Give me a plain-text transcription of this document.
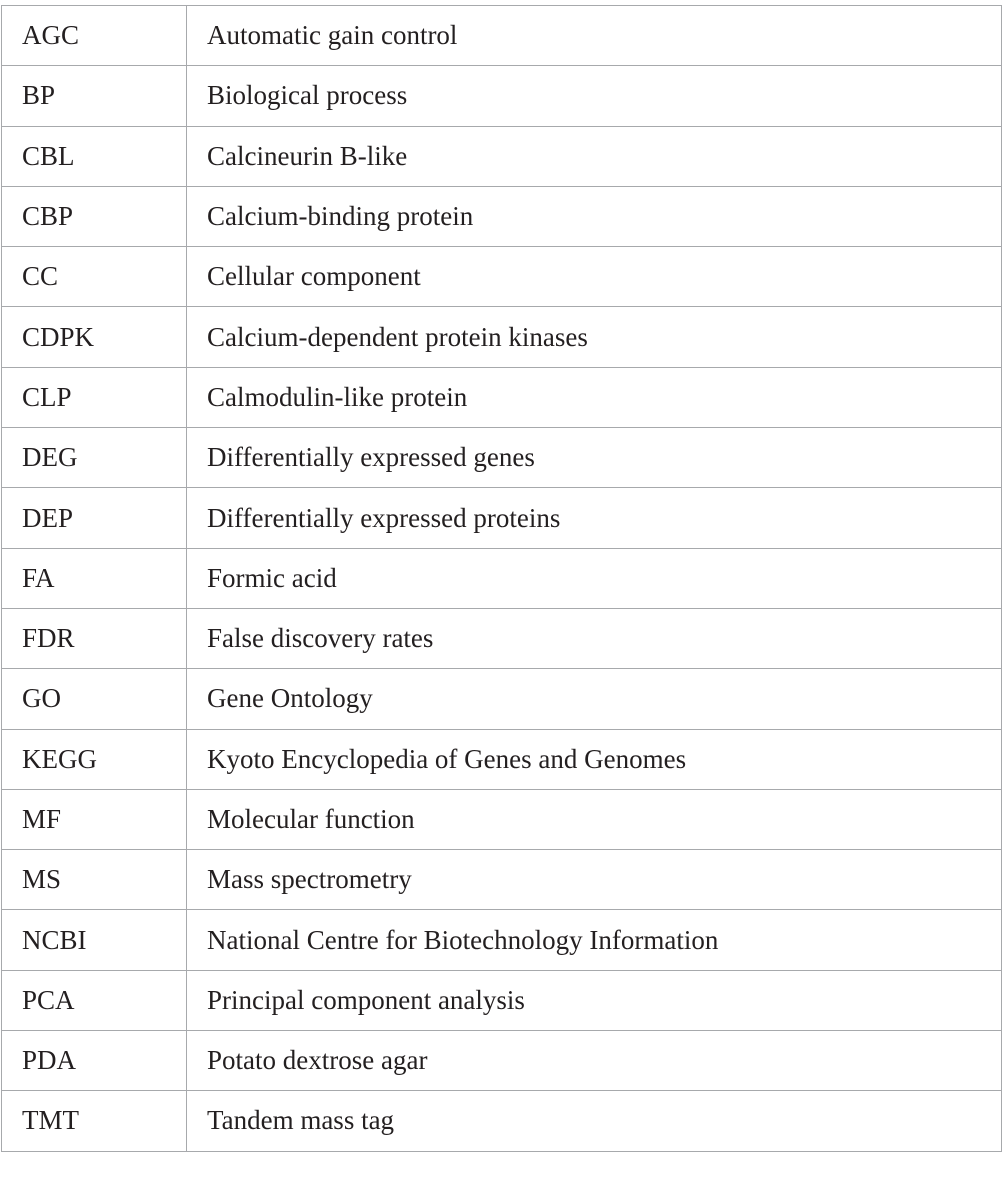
AGC	Automatic gain control
BP	Biological process
CBL	Calcineurin B-like
CBP	Calcium-binding protein
CC	Cellular component
CDPK	Calcium-dependent protein kinases
CLP	Calmodulin-like protein
DEG	Differentially expressed genes
DEP	Differentially expressed proteins
FA	Formic acid
FDR	False discovery rates
GO	Gene Ontology
KEGG	Kyoto Encyclopedia of Genes and Genomes
MF	Molecular function
MS	Mass spectrometry
NCBI	National Centre for Biotechnology Information
PCA	Principal component analysis
PDA	Potato dextrose agar
TMT	Tandem mass tag
